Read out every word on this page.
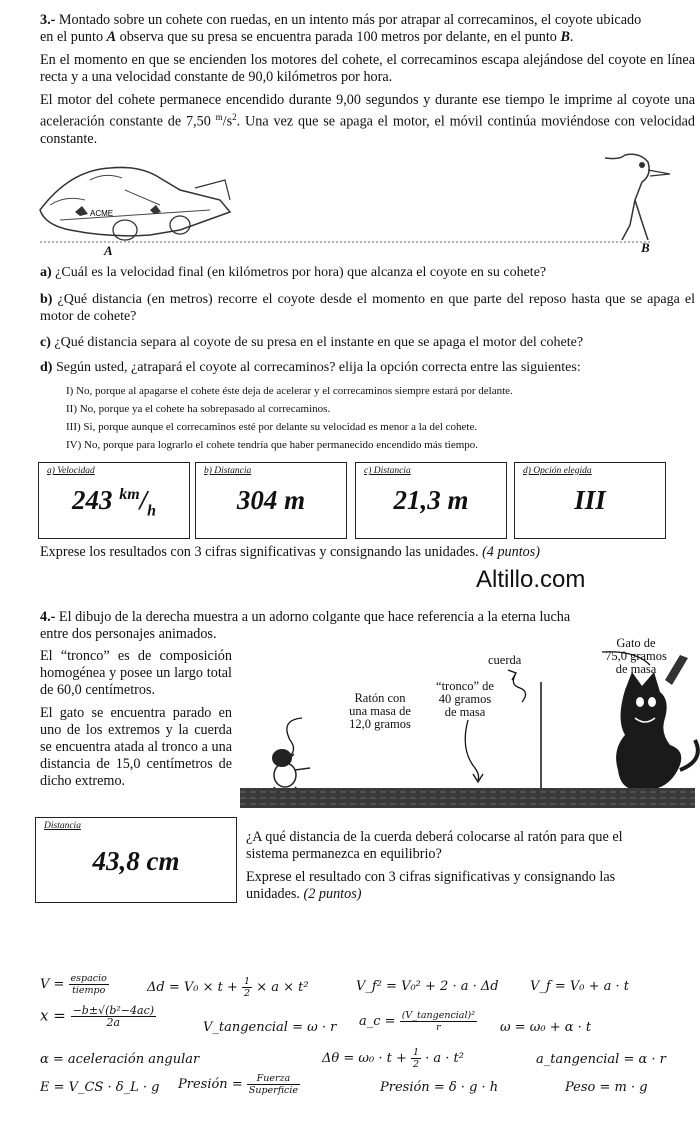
3.- Montado sobre un cohete con ruedas, en un intento más por atrapar al correcaminos, el coyote ubicado
en el punto A observa que su presa se encuentra parada 100 metros por delante, en el punto B.
En el momento en que se encienden los motores del cohete, el correcaminos escapa alejándose del coyote en línea recta y a una velocidad constante de 90,0 kilómetros por hora.
El motor del cohete permanece encendido durante 9,00 segundos y durante ese tiempo le imprime al coyote una aceleración constante de 7,50 $^m/s^2$. Una vez que se apaga el motor, el móvil continúa moviéndose con velocidad constante.
ACME
A	B
a) ¿Cuál es la velocidad final (en kilómetros por hora) que alcanza el coyote en su cohete?
b) ¿Qué distancia (en metros) recorre el coyote desde el momento en que parte del reposo hasta que se apaga el motor de cohete?
c) ¿Qué distancia separa al coyote de su presa en el instante en que se apaga el motor del cohete?
d) Según usted, ¿atrapará el coyote al correcaminos? elija la opción correcta entre las siguientes:
I) No, porque al apagarse el cohete éste deja de acelerar y el correcaminos siempre estará por delante.
II) No, porque ya el cohete ha sobrepasado al correcaminos.
III) Si, porque aunque el correcaminos esté por delante su velocidad es menor a la del cohete.
IV) No, porque para lograrlo el cohete tendría que haber permanecido encendido más tiempo.
a) Velocidad
243 $^{km}/_h$
b) Distancia
304 m
c) Distancia
21,3 m
d) Opción elegida
III
Exprese los resultados con 3 cifras significativas y consignando las unidades. (4 puntos)
Altillo.com
4.- El dibujo de la derecha muestra a un adorno colgante que hace referencia a la eterna lucha
entre dos personajes animados.
El “tronco” es de composición homogénea y posee un largo total de 60,0 centímetros.
El gato se encuentra parado en uno de los extremos y la cuerda se encuentra atada al tronco a una distancia de 15,0 centímetros de dicho extremo.
cuerda
Gato de
75,0 gramos
de masa
“tronco” de
40 gramos
de masa
Ratón con
una masa de
12,0 gramos
Distancia
43,8 cm
¿A qué distancia de la cuerda deberá colocarse al ratón para que el sistema permanezca en equilibrio?
Exprese el resultado con 3 cifras significativas y consignando las unidades. (2 puntos)
$V = \frac{\text{espacio}}{\text{tiempo}}$	$\Delta d = V_0 \times t + \frac{1}{2} \times a \times t^2$	V_f² = V₀² + 2 · a · Δd V_f = V₀ + a · t
$x = \frac{\text{−b±√(b²−4ac)}}{2a}$	V_tangencial = ω · r a_c = $\frac{\text{(V\_tangencial)²}}{r}$ ω = ω₀ + α · t
α = aceleración angular	$\Delta\theta = \omega_0 \cdot t + \frac{1}{2} \cdot a \cdot t^2$	a_tangencial = α · r
E = V_CS · δ_L · g Presión = $\frac{\text{Fuerza}}{\text{Superficie}}$	Presión = δ · g · h	Peso = m · g
